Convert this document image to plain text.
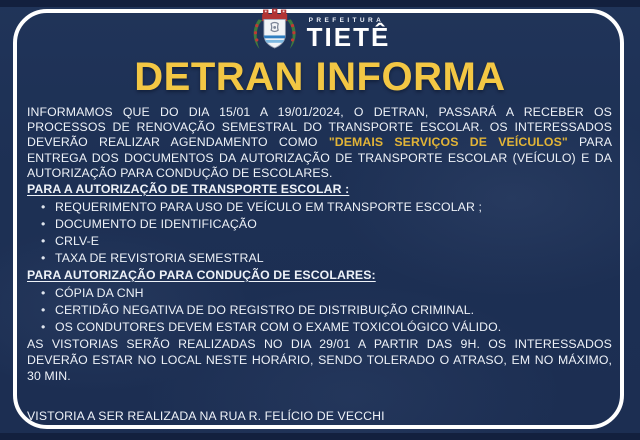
PREFEITURA
TIETÊ
DETRAN INFORMA

INFORMAMOS QUE DO DIA 15/01 A 19/01/2024, O DETRAN, PASSARÁ A RECEBER OS PROCESSOS DE RENOVAÇÃO SEMESTRAL DO TRANSPORTE ESCOLAR. OS INTERESSADOS DEVERÃO REALIZAR AGENDAMENTO COMO "DEMAIS SERVIÇOS DE VEÍCULOS" PARA ENTREGA DOS DOCUMENTOS DA AUTORIZAÇÃO DE TRANSPORTE ESCOLAR (VEÍCULO) E DA AUTORIZAÇÃO PARA CONDUÇÃO DE ESCOLARES.

PARA A AUTORIZAÇÃO DE TRANSPORTE ESCOLAR :

• REQUERIMENTO PARA USO DE VEÍCULO EM TRANSPORTE ESCOLAR ;
• DOCUMENTO DE IDENTIFICAÇÃO
• CRLV-E
• TAXA DE REVISTORIA SEMESTRAL

PARA AUTORIZAÇÃO PARA CONDUÇÃO DE ESCOLARES:

• CÓPIA DA CNH
• CERTIDÃO NEGATIVA DE DO REGISTRO DE DISTRIBUIÇÃO CRIMINAL.
• OS CONDUTORES DEVEM ESTAR COM O EXAME TOXICOLÓGICO VÁLIDO.

AS VISTORIAS SERÃO REALIZADAS NO DIA 29/01 A PARTIR DAS 9H. OS INTERESSADOS DEVERÃO ESTAR NO LOCAL NESTE HORÁRIO, SENDO TOLERADO O ATRASO, EM NO MÁXIMO, 30 MIN.

VISTORIA A SER REALIZADA NA RUA R. FELÍCIO DE VECCHI
